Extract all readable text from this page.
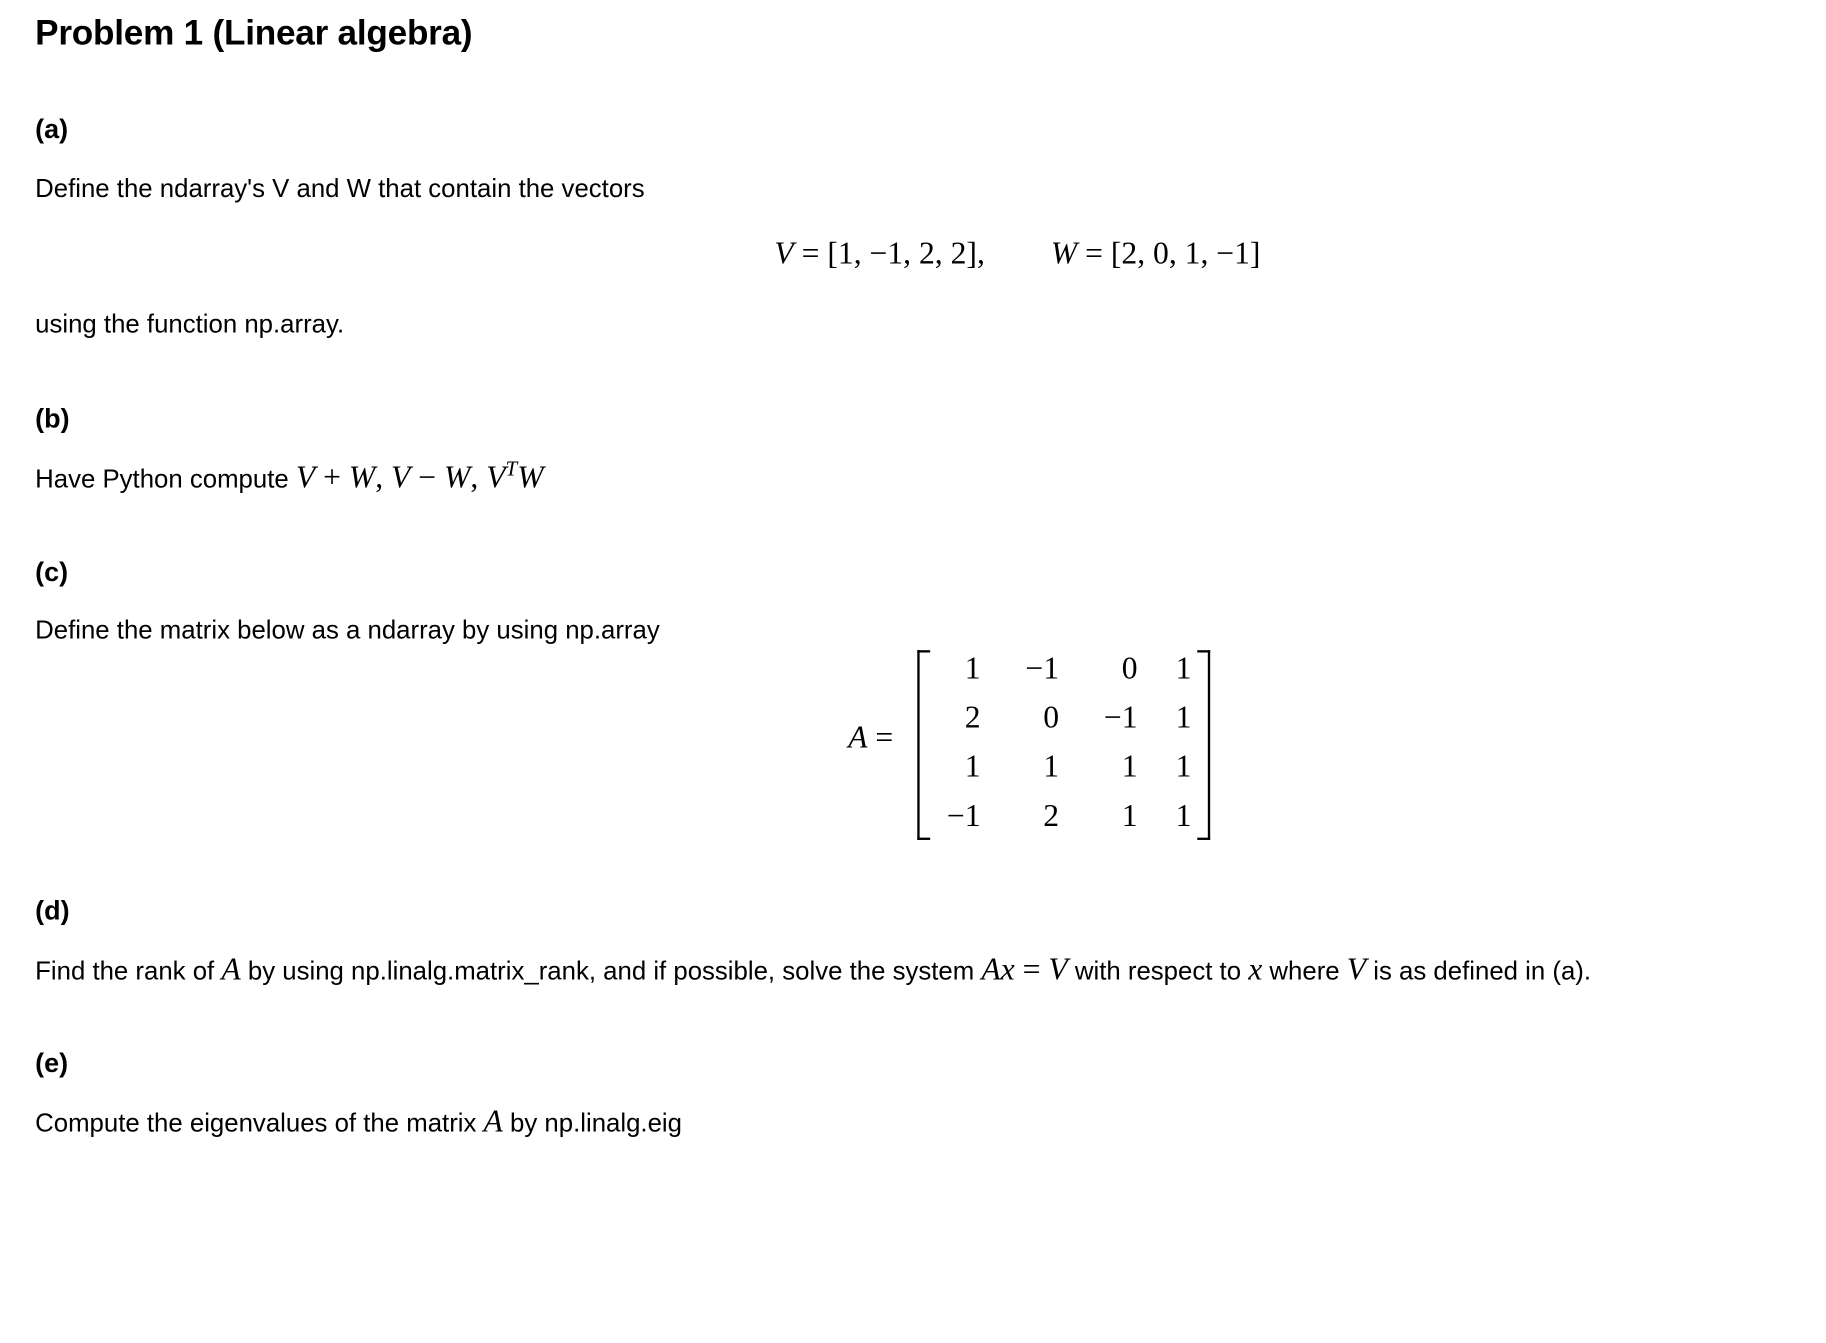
Problem 1 (Linear algebra)
(a)
Define the ndarray's V and W that contain the vectors
V = [1, −1, 2, 2], W = [2, 0, 1, −1]
using the function np.array.
(b)
Have Python compute V + W, V − W, $V^TW$
(c)
Define the matrix below as a ndarray by using np.array
A =
1	−1	0	1
2	0	−1	1
1	1	1	1
−1	2	1	1
(d)
Find the rank of A by using np.linalg.matrix_rank, and if possible, solve the system Ax = V with respect to x where V is as defined in (a).
(e)
Compute the eigenvalues of the matrix A by np.linalg.eig
